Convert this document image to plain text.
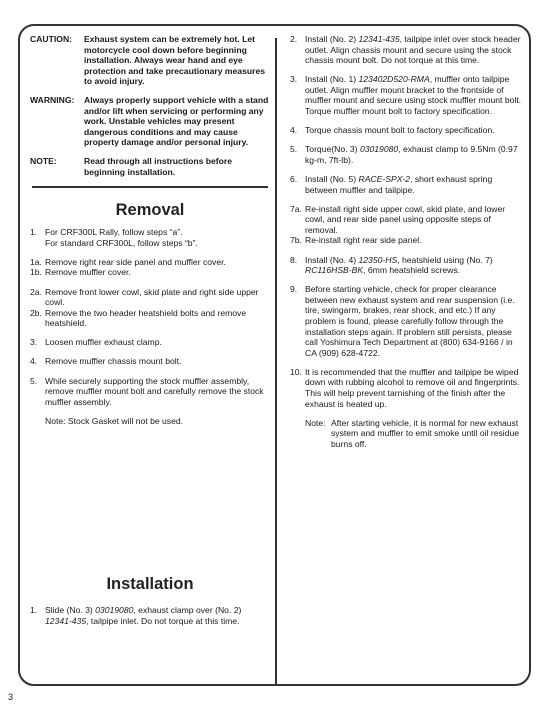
CAUTION:	Exhaust system can be extremely hot. Let motorcycle cool down before beginning installation. Always wear hand and eye protection and take precautionary measures to avoid injury.
WARNING:	Always properly support vehicle with a stand and/or lift when servicing or performing any work. Unstable vehicles may present dangerous conditions and may cause property damage and/or personal injury.
NOTE:	Read through all instructions before beginning installation.
Removal
1. For CRF300L Rally, follow steps “a”.
For standard CRF300L, follow steps “b”.
1a. Remove right rear side panel and muffler cover.
1b. Remove muffler cover.
2a. Remove front lower cowl, skid plate and right side upper cowl.
2b. Remove the two header heatshield bolts and remove heatshield.
3. Loosen muffler exhaust clamp.
4. Remove muffler chassis mount bolt.
5. While securely supporting the stock muffler assembly, remove muffler mount bolt and carefully remove the stock muffler assembly.
Note: Stock Gasket will not be used.
Installation
1. Slide (No. 3) 03019080, exhaust clamp over (No. 2) 12341-435, tailpipe inlet. Do not torque at this time.
2. Install (No. 2) 12341-435, tailpipe inlet over stock header outlet. Align chassis mount and secure using the stock chassis mount bolt. Do not torque at this time.
3. Install (No. 1) 123402D520-RMA, muffler onto tailpipe outlet. Align muffler mount bracket to the frontside of muffler mount and secure using stock muffler mount bolt. Torque muffler mount bolt to factory specification.
4. Torque chassis mount bolt to factory specification.
5. Torque(No. 3) 03019080, exhaust clamp to 9.5Nm (0.97 kg-m, 7ft-lb).
6. Install (No. 5) RACE-SPX-2, short exhaust spring between muffler and tailpipe.
7a. Re-install right side upper cowl, skid plate, and lower cowl, and rear side panel using opposite steps of removal.
7b. Re-install right rear side panel.
8. Install (No. 4) 12350-HS, heatshield using (No. 7) RC116HSB-BK, 6mm heatshield screws.
9. Before starting vehicle, check for proper clearance between new exhaust system and rear suspension (i.e. tire, swingarm, brakes, rear shock, and etc.) If any problem is found, please carefully follow through the installation steps again. If problem still persists, please call Yoshimura Tech Department at (800) 634-9166 / in CA (909) 628-4722.
10. It is recommended that the muffler and tailpipe be wiped down with rubbing alcohol to remove oil and fingerprints. This will help prevent tarnishing of the finish after the exhaust is heated up.
Note: After starting vehicle, it is normal for new exhaust system and muffler to emit smoke until oil residue burns off.
3
